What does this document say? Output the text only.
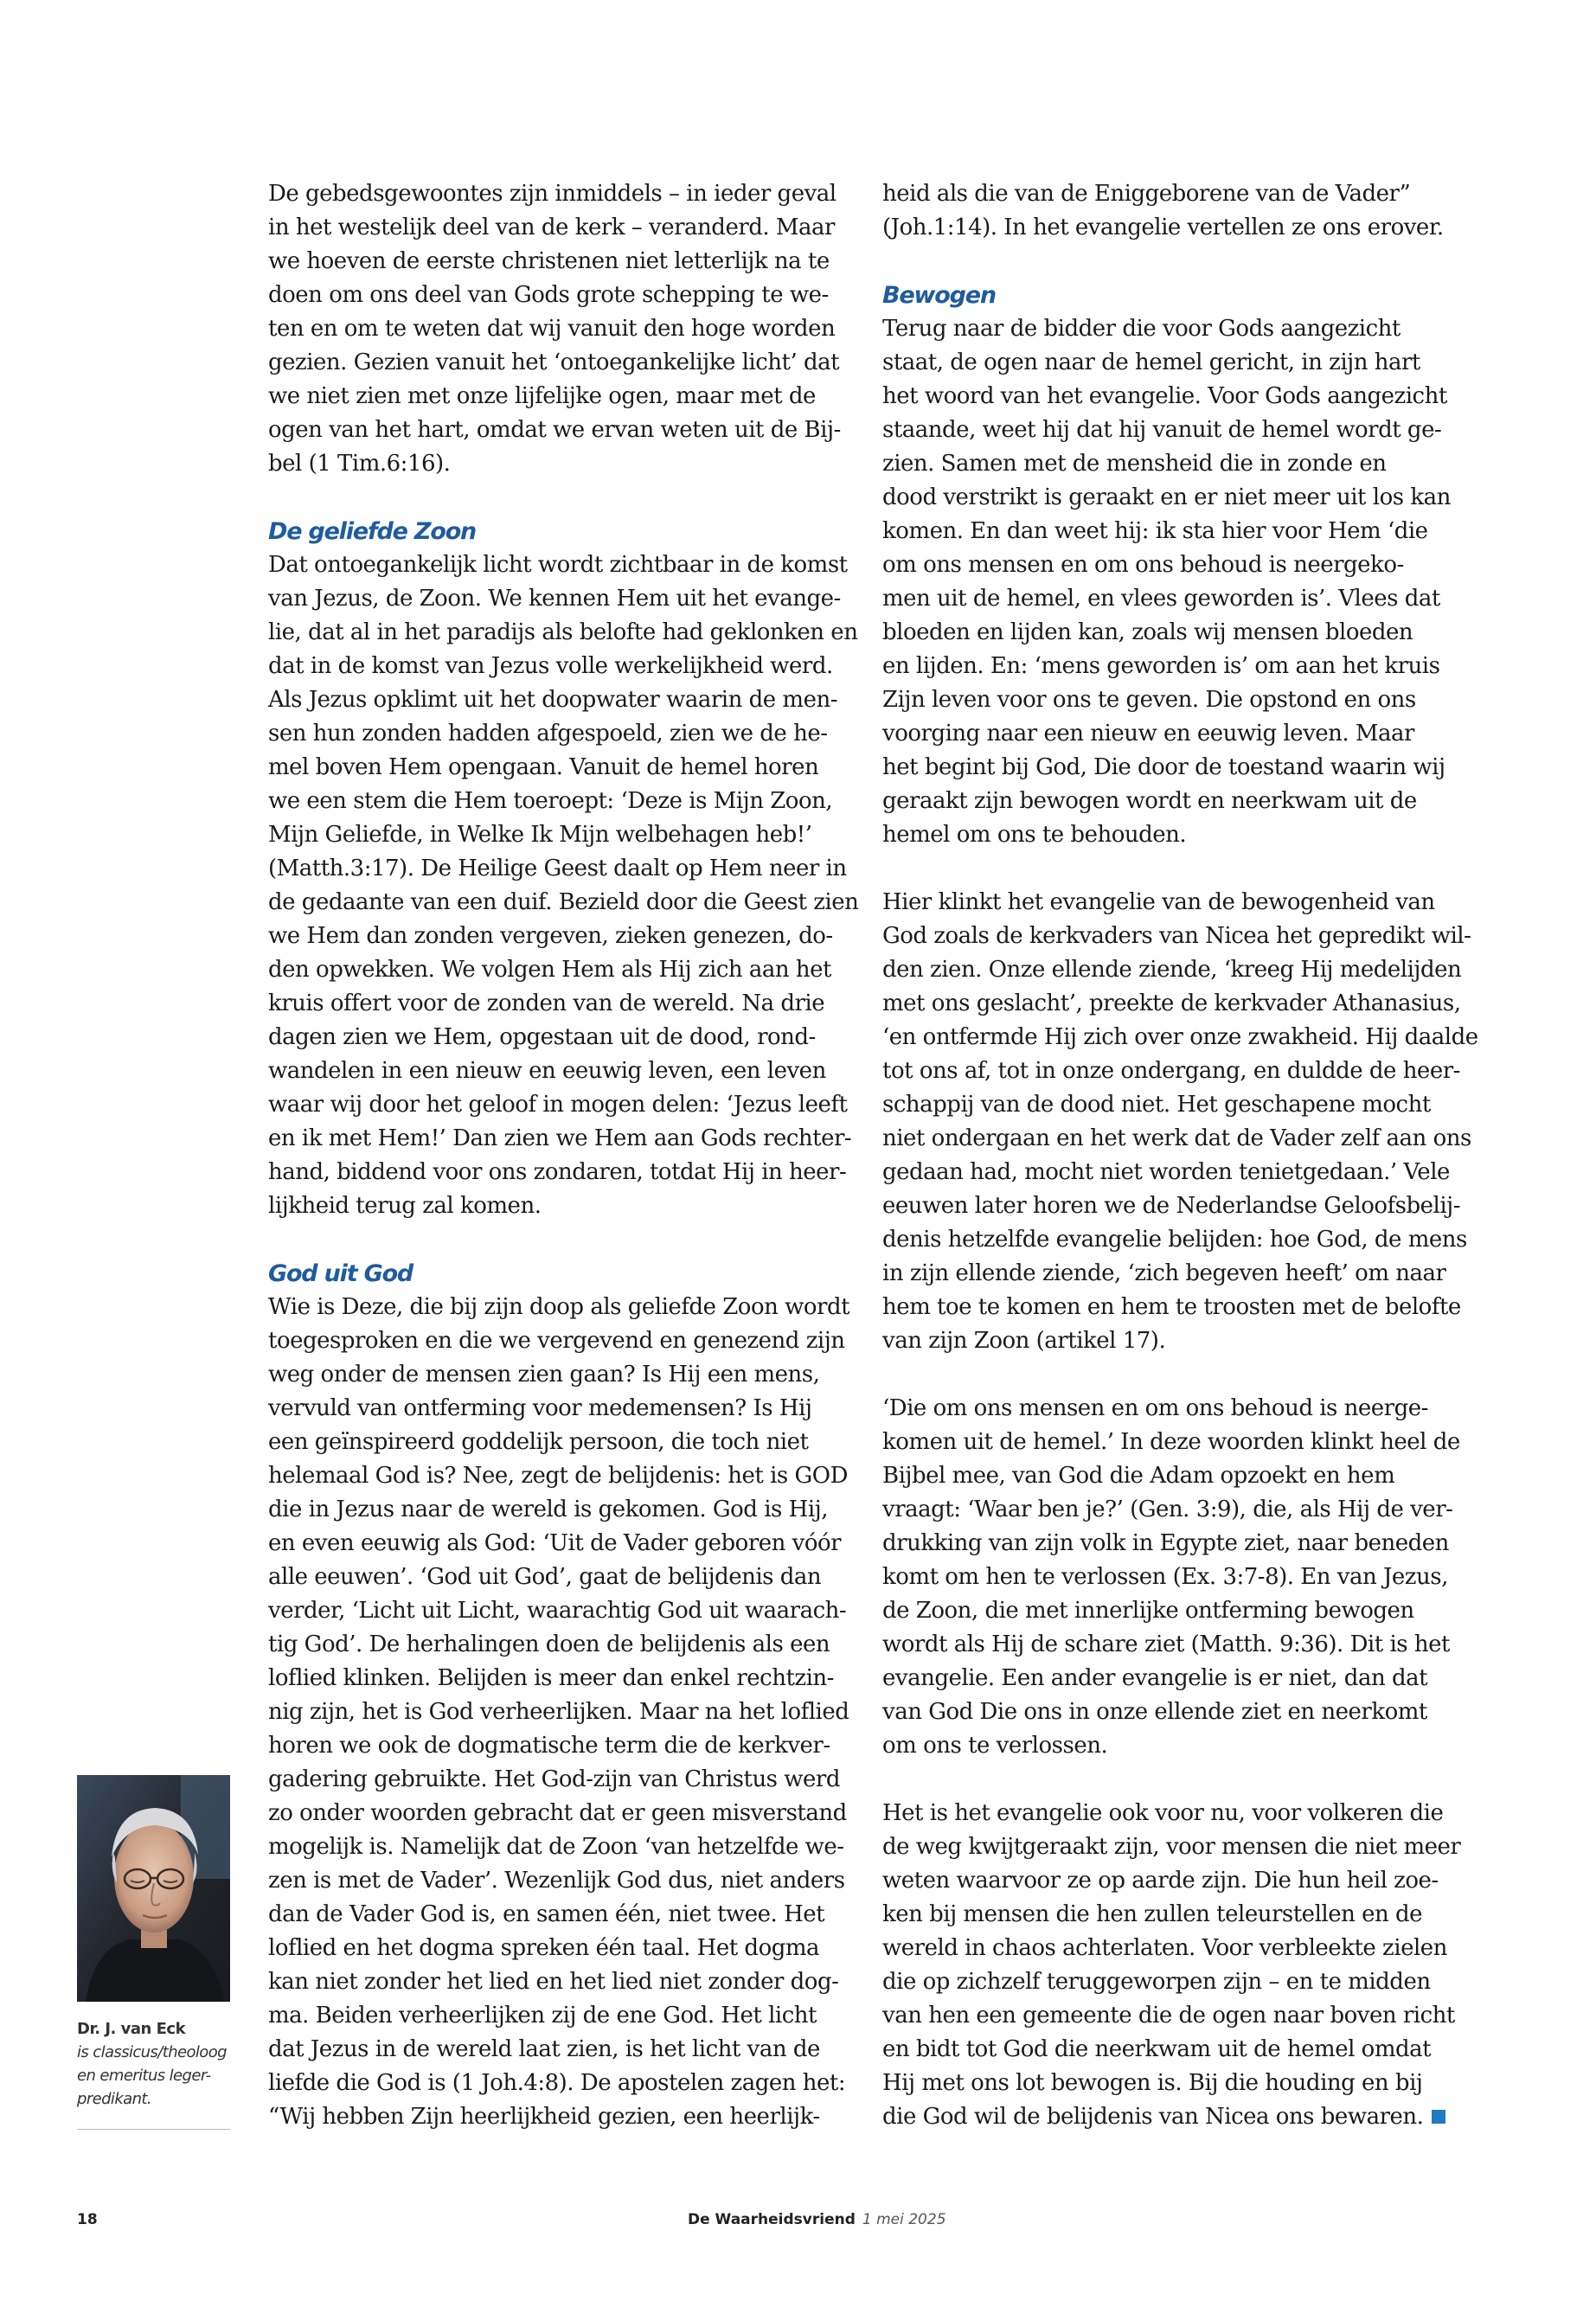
De gebedsgewoontes zijn inmiddels – in ieder geval
in het westelijk deel van de kerk – veranderd. Maar
we hoeven de eerste christenen niet letterlijk na te
doen om ons deel van Gods grote schepping te we-
ten en om te weten dat wij vanuit den hoge worden
gezien. Gezien vanuit het ‘ontoegankelijke licht’ dat
we niet zien met onze lijfelijke ogen, maar met de
ogen van het hart, omdat we ervan weten uit de Bij-
bel (1 Tim.6:16).
De geliefde Zoon
Dat ontoegankelijk licht wordt zichtbaar in de komst
van Jezus, de Zoon. We kennen Hem uit het evange-
lie, dat al in het paradijs als belofte had geklonken en
dat in de komst van Jezus volle werkelijkheid werd.
Als Jezus opklimt uit het doopwater waarin de men-
sen hun zonden hadden afgespoeld, zien we de he-
mel boven Hem opengaan. Vanuit de hemel horen
we een stem die Hem toeroept: ‘Deze is Mijn Zoon,
Mijn Geliefde, in Welke Ik Mijn welbehagen heb!’
(Matth.3:17). De Heilige Geest daalt op Hem neer in
de gedaante van een duif. Bezield door die Geest zien
we Hem dan zonden vergeven, zieken genezen, do-
den opwekken. We volgen Hem als Hij zich aan het
kruis offert voor de zonden van de wereld. Na drie
dagen zien we Hem, opgestaan uit de dood, rond-
wandelen in een nieuw en eeuwig leven, een leven
waar wij door het geloof in mogen delen: ‘Jezus leeft
en ik met Hem!’ Dan zien we Hem aan Gods rechter-
hand, biddend voor ons zondaren, totdat Hij in heer-
lijkheid terug zal komen.
God uit God
Wie is Deze, die bij zijn doop als geliefde Zoon wordt
toegesproken en die we vergevend en genezend zijn
weg onder de mensen zien gaan? Is Hij een mens,
vervuld van ontferming voor medemensen? Is Hij
een geïnspireerd goddelijk persoon, die toch niet
helemaal God is? Nee, zegt de belijdenis: het is GOD
die in Jezus naar de wereld is gekomen. God is Hij,
en even eeuwig als God: ‘Uit de Vader geboren vóór
alle eeuwen’. ‘God uit God’, gaat de belijdenis dan
verder, ‘Licht uit Licht, waarachtig God uit waarach-
tig God’. De herhalingen doen de belijdenis als een
loflied klinken. Belijden is meer dan enkel rechtzin-
nig zijn, het is God verheerlijken. Maar na het loflied
horen we ook de dogmatische term die de kerkver-
gadering gebruikte. Het God-zijn van Christus werd
zo onder woorden gebracht dat er geen misverstand
mogelijk is. Namelijk dat de Zoon ‘van hetzelfde we-
zen is met de Vader’. Wezenlijk God dus, niet anders
dan de Vader God is, en samen één, niet twee. Het
loflied en het dogma spreken één taal. Het dogma
kan niet zonder het lied en het lied niet zonder dog-
ma. Beiden verheerlijken zij de ene God. Het licht
dat Jezus in de wereld laat zien, is het licht van de
liefde die God is (1 Joh.4:8). De apostelen zagen het:
“Wij hebben Zijn heerlijkheid gezien, een heerlijk-
heid als die van de Eniggeborene van de Vader”
(Joh.1:14). In het evangelie vertellen ze ons erover.
Bewogen
Terug naar de bidder die voor Gods aangezicht
staat, de ogen naar de hemel gericht, in zijn hart
het woord van het evangelie. Voor Gods aangezicht
staande, weet hij dat hij vanuit de hemel wordt ge-
zien. Samen met de mensheid die in zonde en
dood verstrikt is geraakt en er niet meer uit los kan
komen. En dan weet hij: ik sta hier voor Hem ‘die
om ons mensen en om ons behoud is neergeko-
men uit de hemel, en vlees geworden is’. Vlees dat
bloeden en lijden kan, zoals wij mensen bloeden
en lijden. En: ‘mens geworden is’ om aan het kruis
Zijn leven voor ons te geven. Die opstond en ons
voorging naar een nieuw en eeuwig leven. Maar
het begint bij God, Die door de toestand waarin wij
geraakt zijn bewogen wordt en neerkwam uit de
hemel om ons te behouden.
Hier klinkt het evangelie van de bewogenheid van
God zoals de kerkvaders van Nicea het gepredikt wil-
den zien. Onze ellende ziende, ‘kreeg Hij medelijden
met ons geslacht’, preekte de kerkvader Athanasius,
‘en ontfermde Hij zich over onze zwakheid. Hij daalde
tot ons af, tot in onze ondergang, en duldde de heer-
schappij van de dood niet. Het geschapene mocht
niet ondergaan en het werk dat de Vader zelf aan ons
gedaan had, mocht niet worden tenietgedaan.’ Vele
eeuwen later horen we de Nederlandse Geloofsbelij-
denis hetzelfde evangelie belijden: hoe God, de mens
in zijn ellende ziende, ‘zich begeven heeft’ om naar
hem toe te komen en hem te troosten met de belofte
van zijn Zoon (artikel 17).
‘Die om ons mensen en om ons behoud is neerge-
komen uit de hemel.’ In deze woorden klinkt heel de
Bijbel mee, van God die Adam opzoekt en hem
vraagt: ‘Waar ben je?’ (Gen. 3:9), die, als Hij de ver-
drukking van zijn volk in Egypte ziet, naar beneden
komt om hen te verlossen (Ex. 3:7-8). En van Jezus,
de Zoon, die met innerlijke ontferming bewogen
wordt als Hij de schare ziet (Matth. 9:36). Dit is het
evangelie. Een ander evangelie is er niet, dan dat
van God Die ons in onze ellende ziet en neerkomt
om ons te verlossen.
Het is het evangelie ook voor nu, voor volkeren die
de weg kwijtgeraakt zijn, voor mensen die niet meer
weten waarvoor ze op aarde zijn. Die hun heil zoe-
ken bij mensen die hen zullen teleurstellen en de
wereld in chaos achterlaten. Voor verbleekte zielen
die op zichzelf teruggeworpen zijn – en te midden
van hen een gemeente die de ogen naar boven richt
en bidt tot God die neerkwam uit de hemel omdat
Hij met ons lot bewogen is. Bij die houding en bij
die God wil de belijdenis van Nicea ons bewaren.
Dr. J. van Eck
is classicus/theoloog
en emeritus leger-
predikant.
18	De Waarheidsvriend 1 mei 2025
